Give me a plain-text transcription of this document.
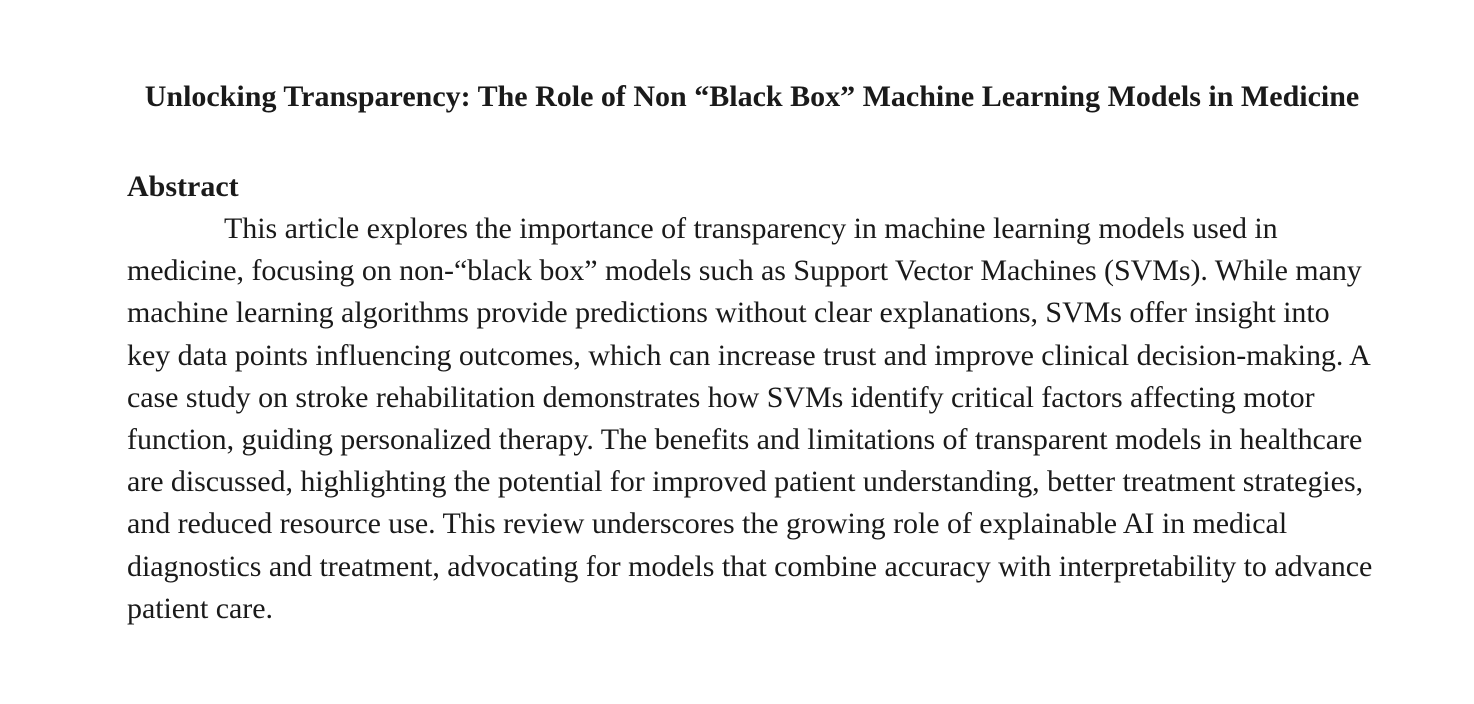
Unlocking Transparency: The Role of Non “Black Box” Machine Learning Models in Medicine
Abstract

This article explores the importance of transparency in machine learning models used in medicine, focusing on non-“black box” models such as Support Vector Machines (SVMs). While many machine learning algorithms provide predictions without clear explanations, SVMs offer insight into key data points influencing outcomes, which can increase trust and improve clinical decision-making. A case study on stroke rehabilitation demonstrates how SVMs identify critical factors affecting motor function, guiding personalized therapy. The benefits and limitations of transparent models in healthcare are discussed, highlighting the potential for improved patient understanding, better treatment strategies, and reduced resource use. This review underscores the growing role of explainable AI in medical diagnostics and treatment, advocating for models that combine accuracy with interpretability to advance patient care.
